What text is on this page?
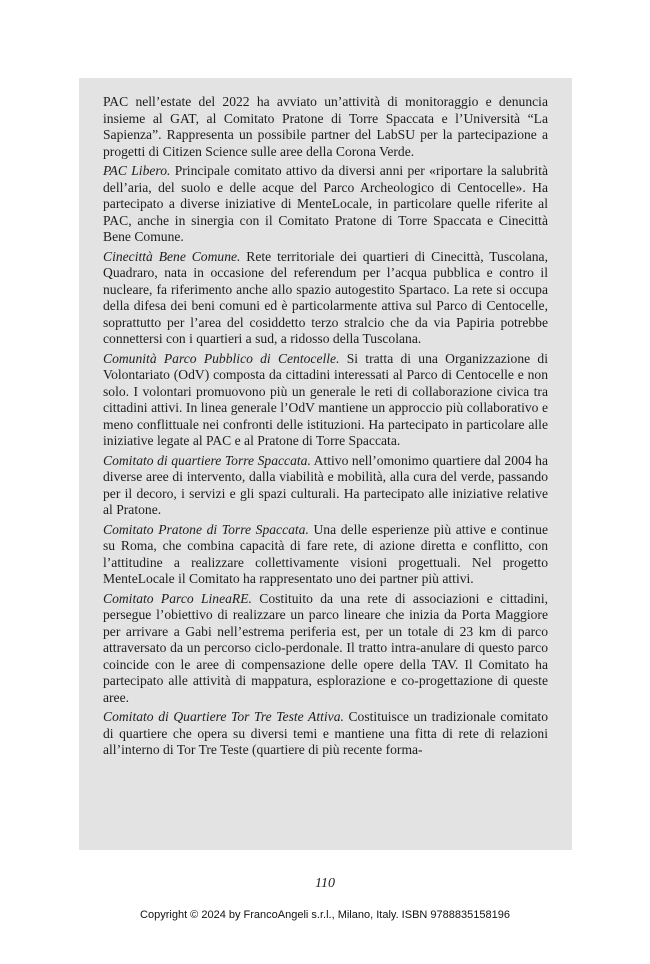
PAC nell’estate del 2022 ha avviato un’attività di monitoraggio e denuncia insieme al GAT, al Comitato Pratone di Torre Spaccata e l’Università “La Sapienza”. Rappresenta un possibile partner del LabSU per la partecipazione a progetti di Citizen Science sulle aree della Corona Verde.

PAC Libero. Principale comitato attivo da diversi anni per «riportare la salubrità dell’aria, del suolo e delle acque del Parco Archeologico di Centocelle». Ha partecipato a diverse iniziative di MenteLocale, in particolare quelle riferite al PAC, anche in sinergia con il Comitato Pratone di Torre Spaccata e Cinecittà Bene Comune.

Cinecittà Bene Comune. Rete territoriale dei quartieri di Cinecittà, Tuscolana, Quadraro, nata in occasione del referendum per l’acqua pubblica e contro il nucleare, fa riferimento anche allo spazio autogestito Spartaco. La rete si occupa della difesa dei beni comuni ed è particolarmente attiva sul Parco di Centocelle, soprattutto per l’area del cosiddetto terzo stralcio che da via Papiria potrebbe connettersi con i quartieri a sud, a ridosso della Tuscolana.

Comunità Parco Pubblico di Centocelle. Si tratta di una Organizzazione di Volontariato (OdV) composta da cittadini interessati al Parco di Centocelle e non solo. I volontari promuovono più un generale le reti di collaborazione civica tra cittadini attivi. In linea generale l’OdV mantiene un approccio più collaborativo e meno conflittuale nei confronti delle istituzioni. Ha partecipato in particolare alle iniziative legate al PAC e al Pratone di Torre Spaccata.

Comitato di quartiere Torre Spaccata. Attivo nell’omonimo quartiere dal 2004 ha diverse aree di intervento, dalla viabilità e mobilità, alla cura del verde, passando per il decoro, i servizi e gli spazi culturali. Ha partecipato alle iniziative relative al Pratone.

Comitato Pratone di Torre Spaccata. Una delle esperienze più attive e continue su Roma, che combina capacità di fare rete, di azione diretta e conflitto, con l’attitudine a realizzare collettivamente visioni progettuali. Nel progetto MenteLocale il Comitato ha rappresentato uno dei partner più attivi.

Comitato Parco LineaRE. Costituito da una rete di associazioni e cittadini, persegue l’obiettivo di realizzare un parco lineare che inizia da Porta Maggiore per arrivare a Gabi nell’estrema periferia est, per un totale di 23 km di parco attraversato da un percorso ciclo-perdonale. Il tratto intra-anulare di questo parco coincide con le aree di compensazione delle opere della TAV. Il Comitato ha partecipato alle attività di mappatura, esplorazione e co-progettazione di queste aree.

Comitato di Quartiere Tor Tre Teste Attiva. Costituisce un tradizionale comitato di quartiere che opera su diversi temi e mantiene una fitta di rete di relazioni all’interno di Tor Tre Teste (quartiere di più recente forma-

110
Copyright © 2024 by FrancoAngeli s.r.l., Milano, Italy. ISBN 9788835158196
